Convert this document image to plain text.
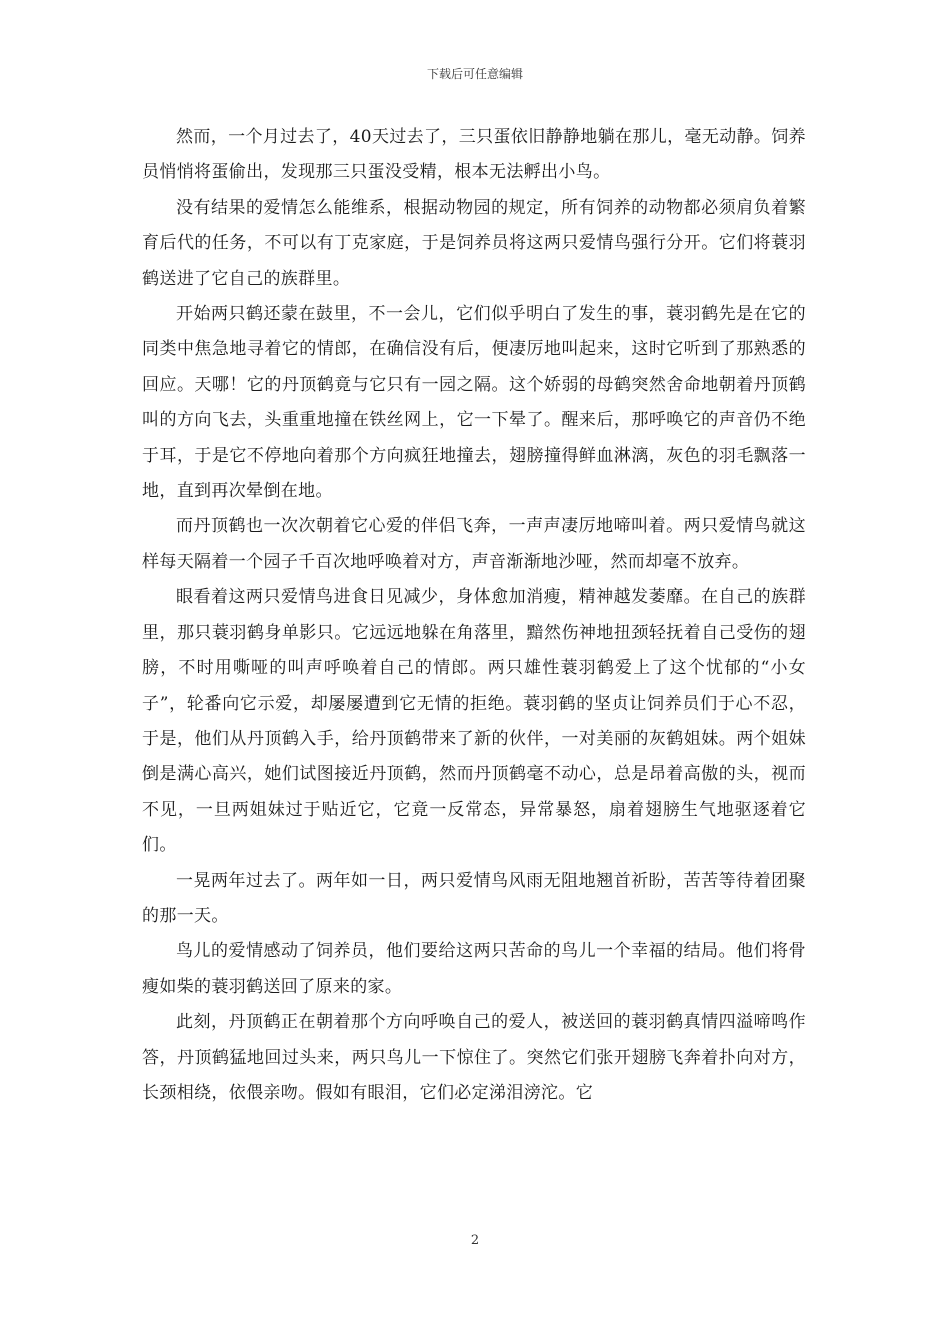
下载后可任意编辑

然而，一个月过去了，40天过去了，三只蛋依旧静静地躺在那儿，毫无动静。饲养员悄悄将蛋偷出，发现那三只蛋没受精，根本无法孵出小鸟。

没有结果的爱情怎么能维系，根据动物园的规定，所有饲养的动物都必须肩负着繁育后代的任务，不可以有丁克家庭，于是饲养员将这两只爱情鸟强行分开。它们将蓑羽鹤送进了它自己的族群里。

开始两只鹤还蒙在鼓里，不一会儿，它们似乎明白了发生的事，蓑羽鹤先是在它的同类中焦急地寻着它的情郎，在确信没有后，便凄厉地叫起来，这时它听到了那熟悉的回应。天哪！它的丹顶鹤竟与它只有一园之隔。这个娇弱的母鹤突然舍命地朝着丹顶鹤叫的方向飞去，头重重地撞在铁丝网上，它一下晕了。醒来后，那呼唤它的声音仍不绝于耳，于是它不停地向着那个方向疯狂地撞去，翅膀撞得鲜血淋漓，灰色的羽毛飘落一地，直到再次晕倒在地。

而丹顶鹤也一次次朝着它心爱的伴侣飞奔，一声声凄厉地啼叫着。两只爱情鸟就这样每天隔着一个园子千百次地呼唤着对方，声音渐渐地沙哑，然而却毫不放弃。

眼看着这两只爱情鸟进食日见减少，身体愈加消瘦，精神越发萎靡。在自己的族群里，那只蓑羽鹤身单影只。它远远地躲在角落里，黯然伤神地扭颈轻抚着自己受伤的翅膀，不时用嘶哑的叫声呼唤着自己的情郎。两只雄性蓑羽鹤爱上了这个忧郁的“小女子”，轮番向它示爱，却屡屡遭到它无情的拒绝。蓑羽鹤的坚贞让饲养员们于心不忍，于是，他们从丹顶鹤入手，给丹顶鹤带来了新的伙伴，一对美丽的灰鹤姐妹。两个姐妹倒是满心高兴，她们试图接近丹顶鹤，然而丹顶鹤毫不动心，总是昂着高傲的头，视而不见，一旦两姐妹过于贴近它，它竟一反常态，异常暴怒，扇着翅膀生气地驱逐着它们。

一晃两年过去了。两年如一日，两只爱情鸟风雨无阻地翘首祈盼，苦苦等待着团聚的那一天。

鸟儿的爱情感动了饲养员，他们要给这两只苦命的鸟儿一个幸福的结局。他们将骨瘦如柴的蓑羽鹤送回了原来的家。

此刻，丹顶鹤正在朝着那个方向呼唤自己的爱人，被送回的蓑羽鹤真情四溢啼鸣作答，丹顶鹤猛地回过头来，两只鸟儿一下惊住了。突然它们张开翅膀飞奔着扑向对方，长颈相绕，依偎亲吻。假如有眼泪，它们必定涕泪滂沱。它

2
